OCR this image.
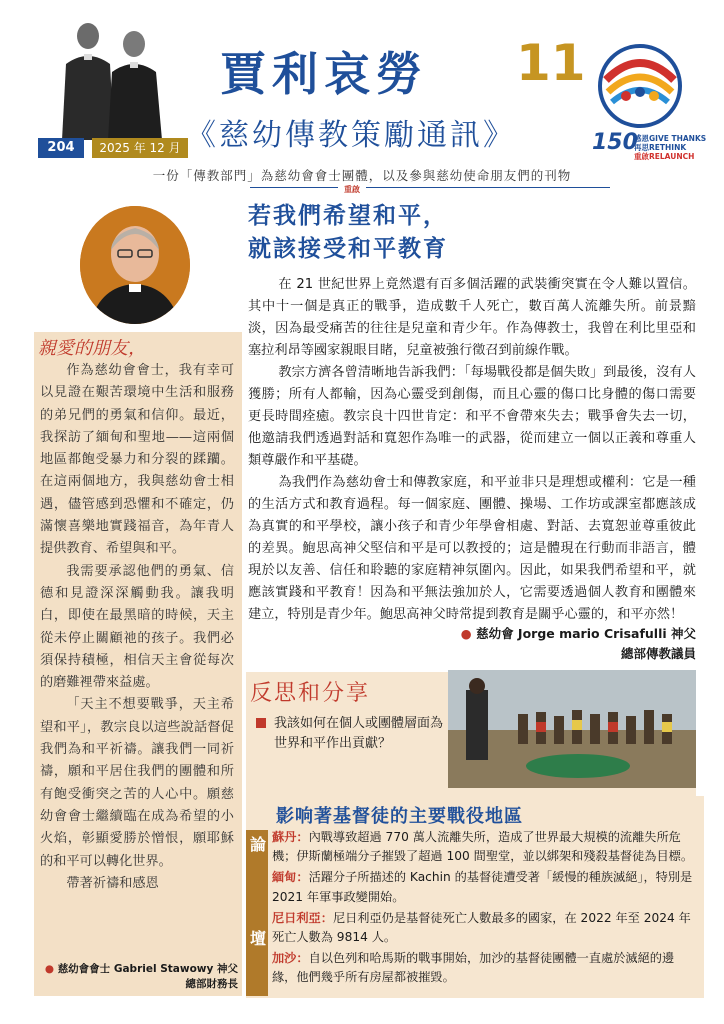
204	2025 年 12 月
賈利哀勞 11
《慈幼傳教策勵通訊》	150
感恩GIVE THANKS
再思RETHINK
重啟RELAUNCH
一份「傳教部門」為慈幼會會士團體，以及參與慈幼使命朋友們的刊物
重啟
親愛的朋友，

作為慈幼會會士，我有幸可以見證在艱苦環境中生活和服務的弟兄們的勇氣和信仰。最近，我探訪了緬甸和聖地——這兩個地區都飽受暴力和分裂的蹂躪。在這兩個地方，我與慈幼會士相遇，儘管感到恐懼和不確定，仍滿懷喜樂地實踐福音，為年青人提供教育、希望與和平。

我需要承認他們的勇氣、信德和見證深深觸動我。讓我明白，即使在最黑暗的時候，天主從未停止關顧祂的孩子。我們必須保持積極，相信天主會從每次的磨難裡帶來益處。

「天主不想要戰爭，天主希望和平」，教宗良以這些說話督促我們為和平祈禱。讓我們一同祈禱，願和平居住我們的團體和所有飽受衝突之苦的人心中。願慈幼會會士繼續臨在成為希望的小火焰，彰顯愛勝於憎恨，願耶穌的和平可以轉化世界。

帶著祈禱和感恩

● 慈幼會會士 Gabriel Stawowy 神父
總部財務長
若我們希望和平，
就該接受和平教育

在 21 世紀世界上竟然還有百多個活躍的武裝衝突實在令人難以置信。其中十一個是真正的戰爭，造成數千人死亡，數百萬人流離失所。前景黯淡，因為最受痛苦的往往是兒童和青少年。作為傳教士，我曾在利比里亞和塞拉利昂等國家親眼目睹，兒童被強行徵召到前線作戰。

教宗方濟各曾清晰地告訴我們：「每場戰役都是個失敗」到最後，沒有人獲勝；所有人都輸，因為心靈受到創傷，而且心靈的傷口比身體的傷口需要更長時間痊癒。教宗良十四世肯定：和平不會帶來失去；戰爭會失去一切，他邀請我們透過對話和寬恕作為唯一的武器，從而建立一個以正義和尊重人類尊嚴作和平基礎。

為我們作為慈幼會士和傳教家庭，和平並非只是理想或權利：它是一種的生活方式和教育過程。每一個家庭、團體、操場、工作坊或課室都應該成為真實的和平學校，讓小孩子和青少年學會相處、對話、去寬恕並尊重彼此的差異。鮑思高神父堅信和平是可以教授的；這是體現在行動而非語言，體現於以友善、信任和聆聽的家庭精神氛圍內。因此，如果我們希望和平，就應該實踐和平教育！因為和平無法強加於人，它需要透過個人教育和團體來建立，特別是青少年。鮑思高神父時常提到教育是關乎心靈的，和平亦然！

● 慈幼會 Jorge mario Crisafulli 神父
總部傳教議員
反思和分享
我該如何在個人或團體層面為世界和平作出貢獻？
影响著基督徒的主要戰役地區
論
壇

蘇丹：內戰導致超過 770 萬人流離失所，造成了世界最大規模的流離失所危機；伊斯蘭極端分子摧毀了超過 100 間聖堂，並以綁架和殘殺基督徒為目標。

緬甸：活躍分子所描述的 Kachin 的基督徒遭受著「緩慢的種族滅絕」，特別是 2021 年軍事政變開始。

尼日利亞：尼日利亞仍是基督徒死亡人數最多的國家，在 2022 年至 2024 年死亡人數為 9814 人。

加沙：自以色列和哈馬斯的戰事開始，加沙的基督徒團體一直處於滅絕的邊緣，他們幾乎所有房屋都被摧毀。
